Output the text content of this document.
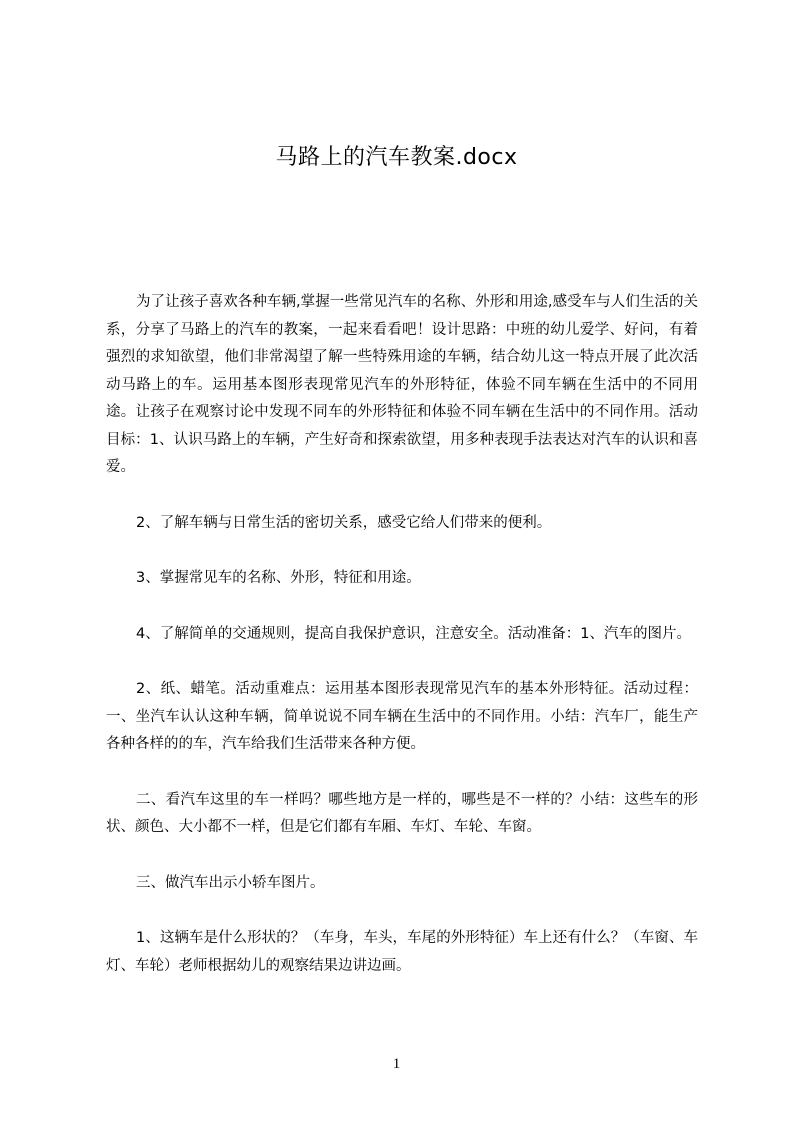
马路上的汽车教案.docx

为了让孩子喜欢各种车辆,掌握一些常见汽车的名称、外形和用途,感受车与人们生活的关系，分享了马路上的汽车的教案，一起来看看吧！设计思路：中班的幼儿爱学、好问，有着强烈的求知欲望，他们非常渴望了解一些特殊用途的车辆，结合幼儿这一特点开展了此次活动马路上的车。运用基本图形表现常见汽车的外形特征，体验不同车辆在生活中的不同用途。让孩子在观察讨论中发现不同车的外形特征和体验不同车辆在生活中的不同作用。活动目标：1、认识马路上的车辆，产生好奇和探索欲望，用多种表现手法表达对汽车的认识和喜爱。

2、了解车辆与日常生活的密切关系，感受它给人们带来的便利。

3、掌握常见车的名称、外形，特征和用途。

4、了解简单的交通规则，提高自我保护意识，注意安全。活动准备：1、汽车的图片。

2、纸、蜡笔。活动重难点：运用基本图形表现常见汽车的基本外形特征。活动过程：一、坐汽车认认这种车辆，简单说说不同车辆在生活中的不同作用。小结：汽车厂，能生产各种各样的的车，汽车给我们生活带来各种方便。

二、看汽车这里的车一样吗？哪些地方是一样的，哪些是不一样的？小结：这些车的形状、颜色、大小都不一样，但是它们都有车厢、车灯、车轮、车窗。

三、做汽车出示小轿车图片。

1、这辆车是什么形状的？（车身，车头，车尾的外形特征）车上还有什么？（车窗、车灯、车轮）老师根据幼儿的观察结果边讲边画。

1
